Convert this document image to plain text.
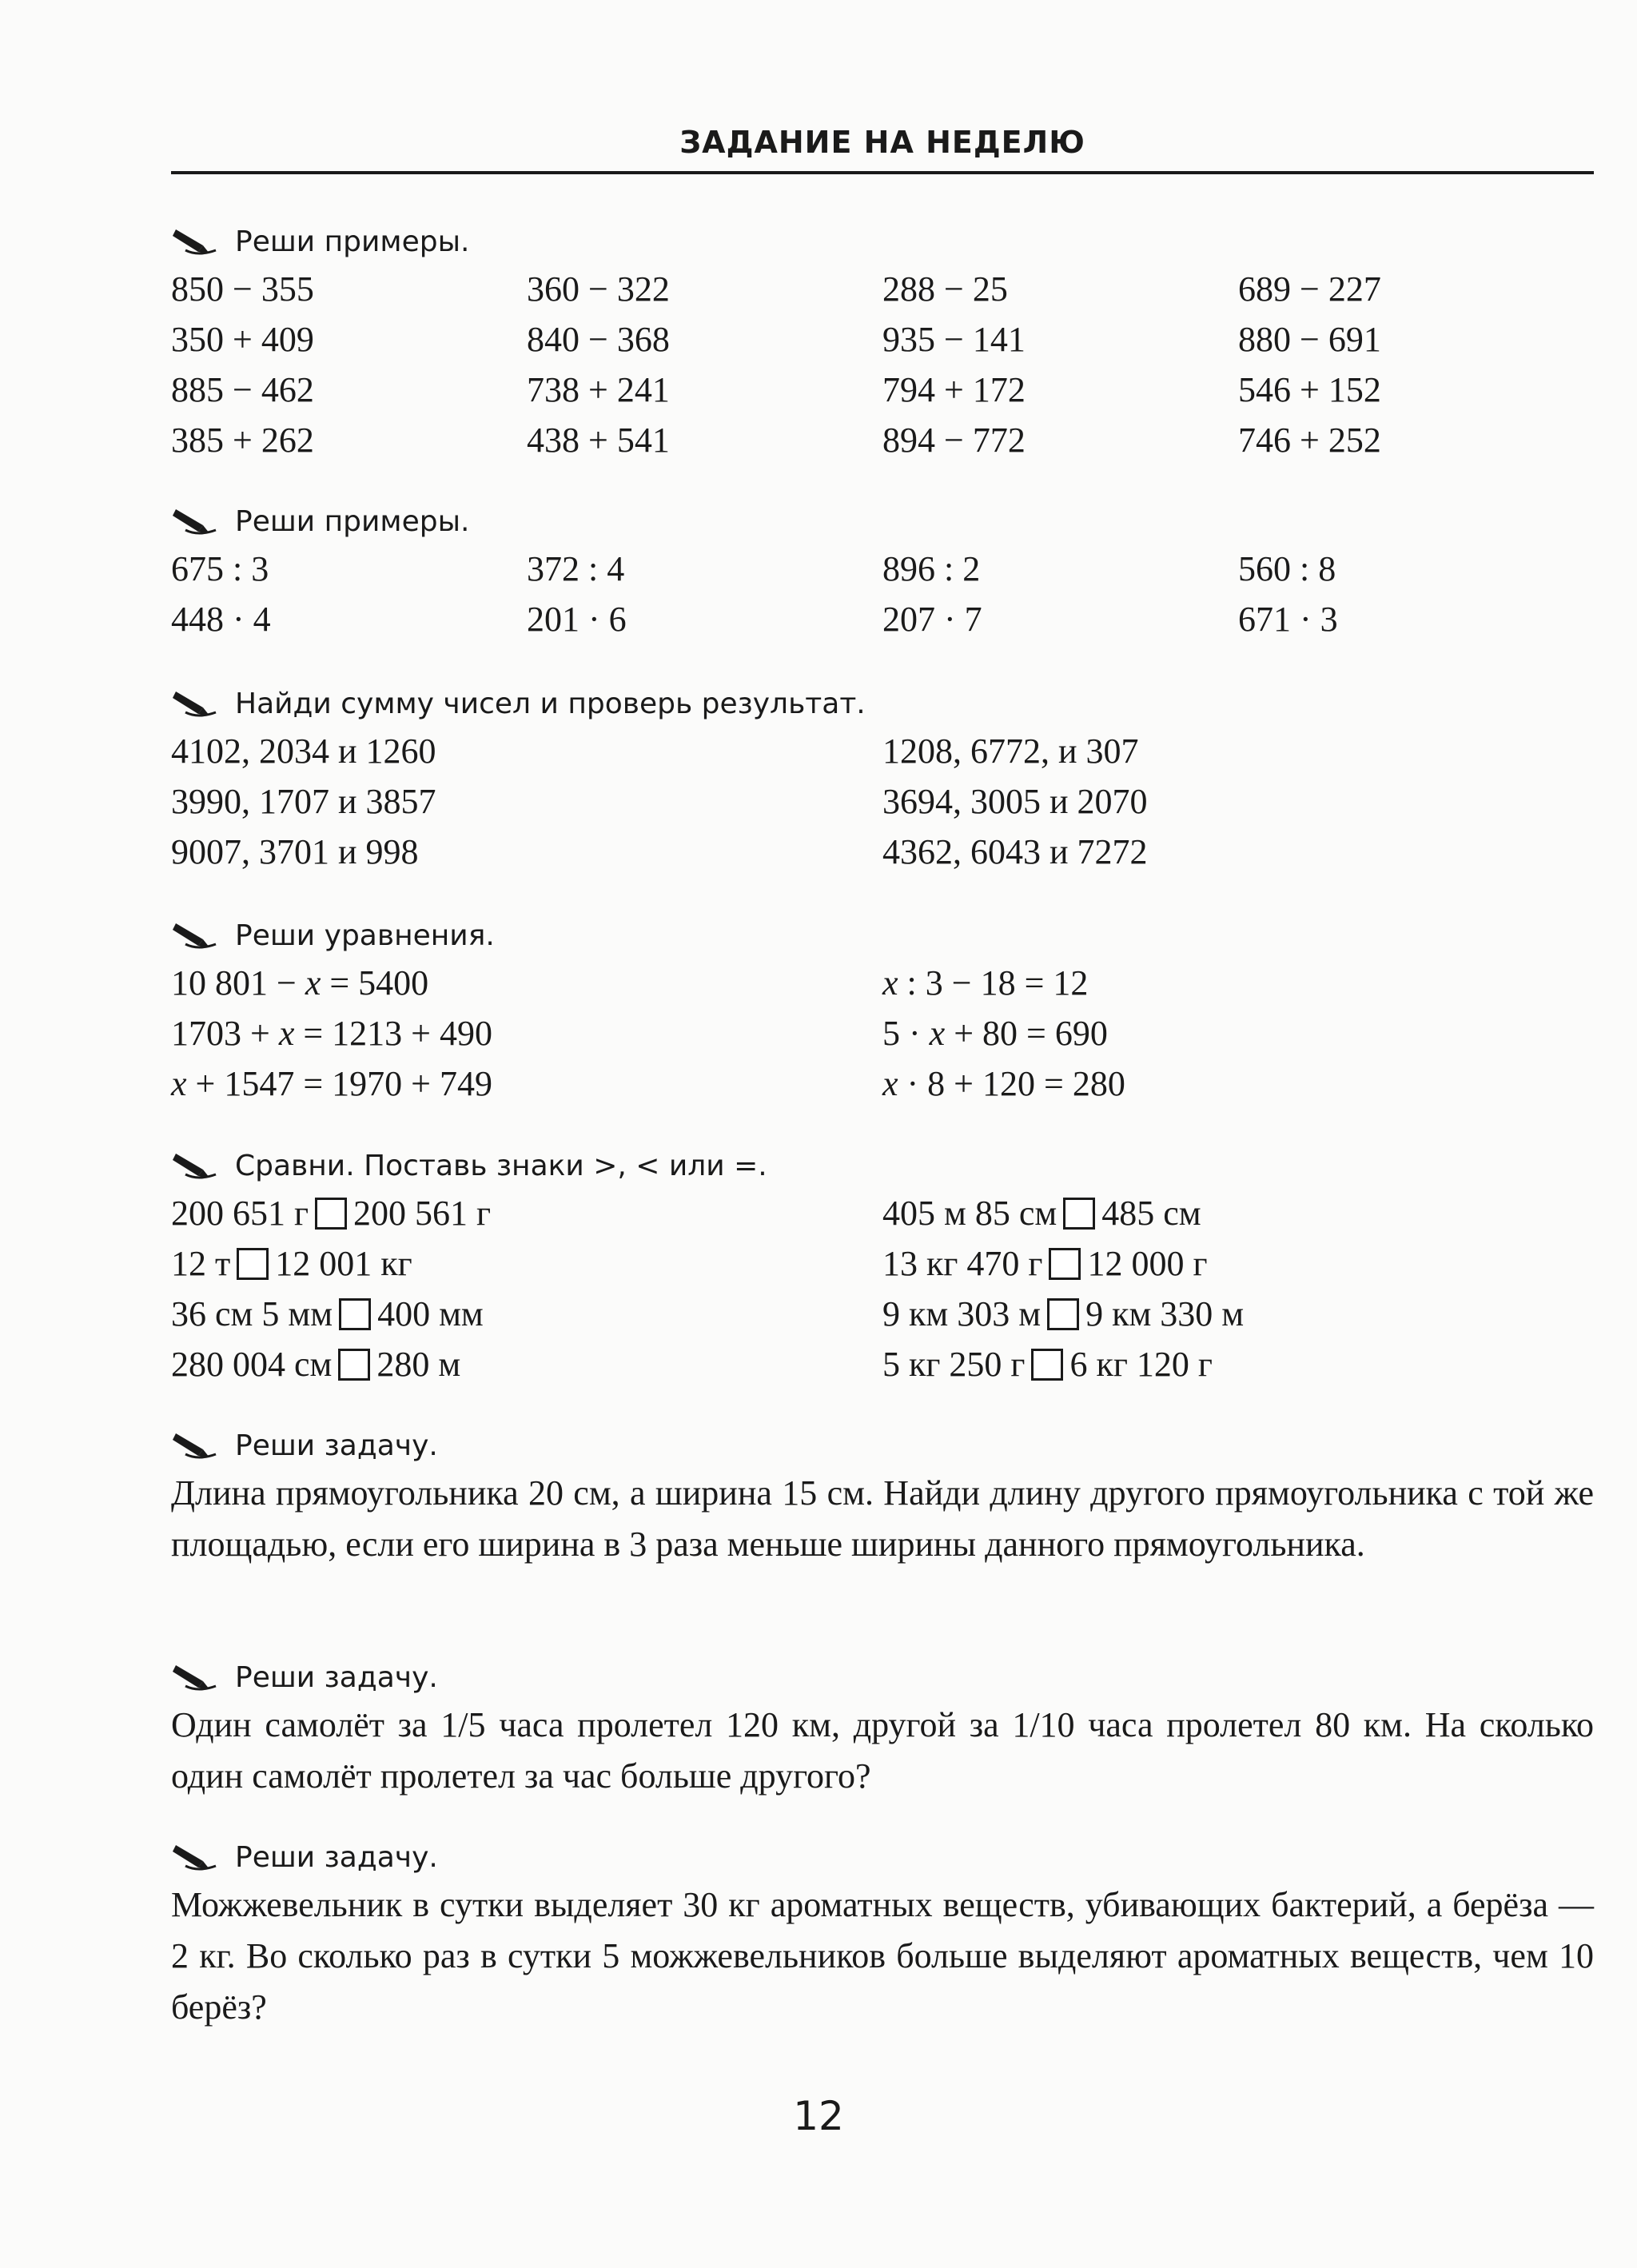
ЗАДАНИЕ НА НЕДЕЛЮ
Реши примеры.
850 − 355	360 − 322	288 − 25	689 − 227
350 + 409	840 − 368	935 − 141	880 − 691
885 − 462	738 + 241	794 + 172	546 + 152
385 + 262	438 + 541	894 − 772	746 + 252
Реши примеры.
675 : 3	372 : 4	896 : 2	560 : 8
448 · 4	201 · 6	207 · 7	671 · 3
Найди сумму чисел и проверь результат.
4102, 2034 и 1260	1208, 6772, и 307
3990, 1707 и 3857	3694, 3005 и 2070
9007, 3701 и 998	4362, 6043 и 7272
Реши уравнения.
10 801 − x = 5400	x : 3 − 18 = 12
1703 + x = 1213 + 490	5 · x + 80 = 690
x + 1547 = 1970 + 749	x · 8 + 120 = 280
Сравни. Поставь знаки >, < или =.
200 651 г 200 561 г	405 м 85 см 485 см
12 т 12 001 кг	13 кг 470 г 12 000 г
36 см 5 мм 400 мм	9 км 303 м 9 км 330 м
280 004 см 280 м	5 кг 250 г 6 кг 120 г
Реши задачу.
Длина прямоугольника 20 см, а ширина 15 см. Найди длину другого прямоугольника с той же площадью, если его ширина в 3 раза меньше ширины данного прямоугольника.
Реши задачу.
Один самолёт за 1/5 часа пролетел 120 км, другой за 1/10 часа пролетел 80 км. На сколько один самолёт пролетел за час больше другого?
Реши задачу.
Можжевельник в сутки выделяет 30 кг ароматных веществ, убивающих бактерий, а берёза — 2 кг. Во сколько раз в сутки 5 можжевельников больше выделяют ароматных веществ, чем 10 берёз?
12
